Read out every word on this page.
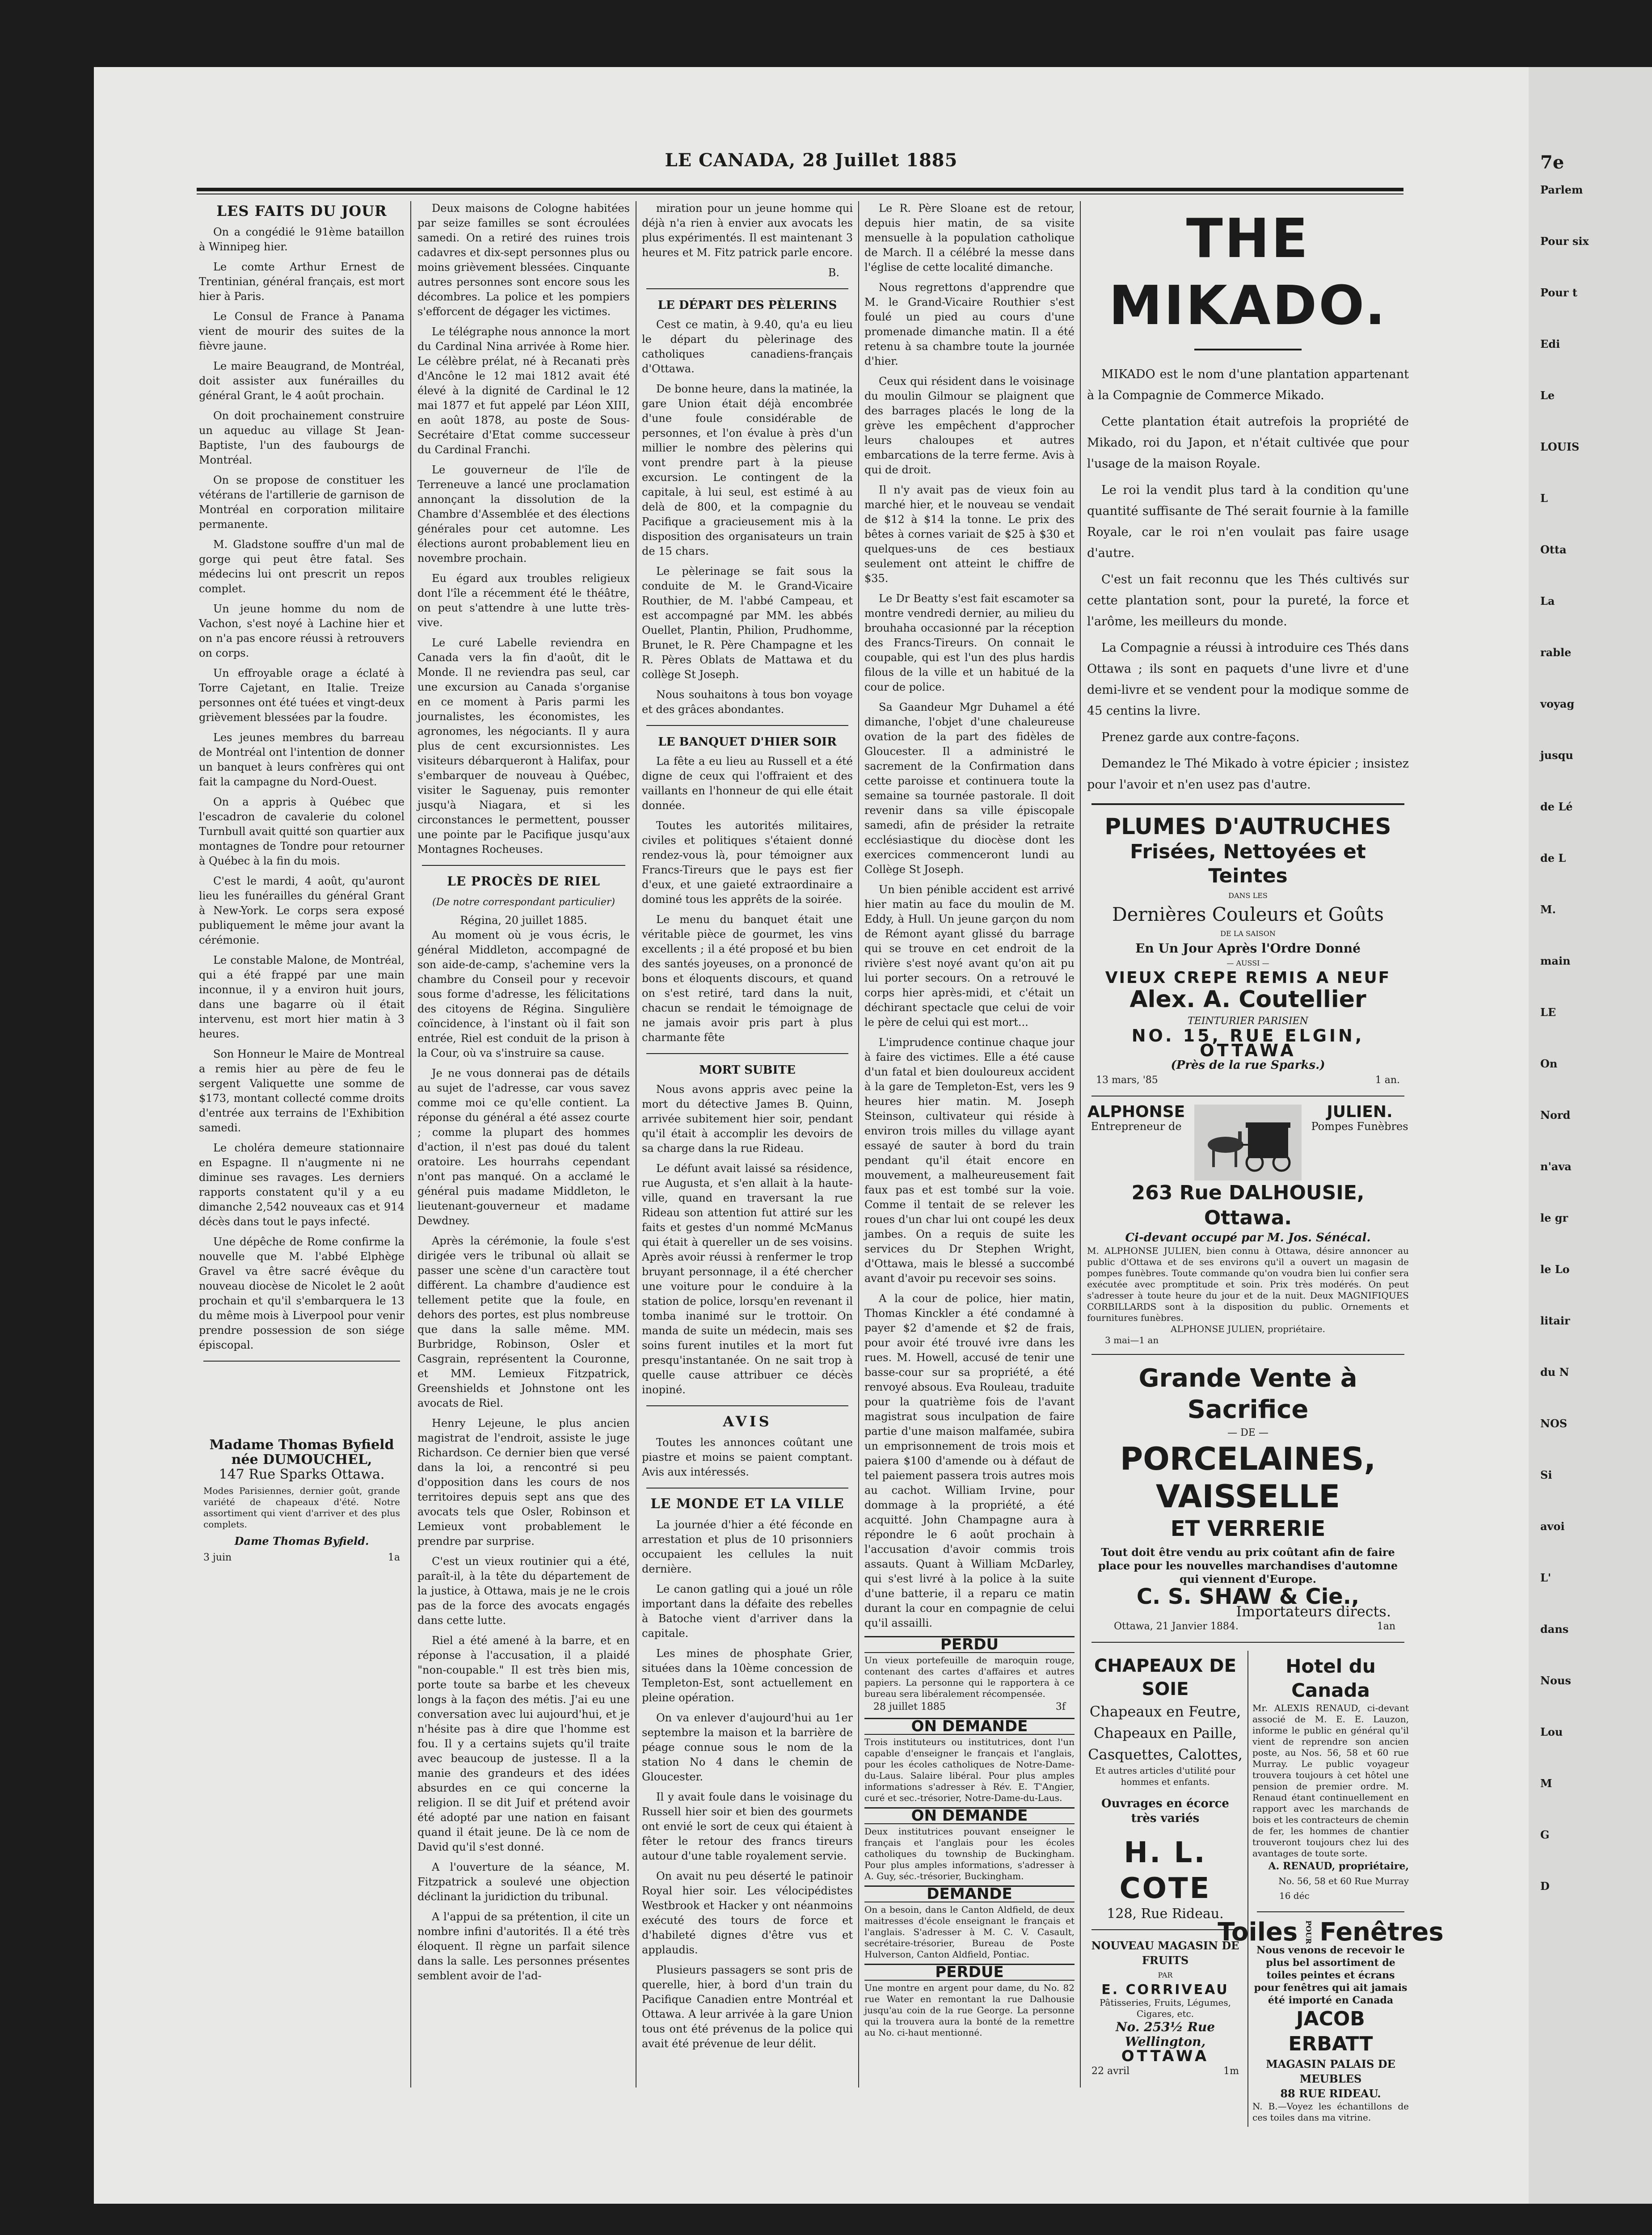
LE CANADA, 28 Juillet 1885
LES FAITS DU JOUR

On a congédié le 91ème bataillon à Winnipeg hier.

Le comte Arthur Ernest de Trentinian, général français, est mort hier à Paris.

Le Consul de France à Panama vient de mourir des suites de la fièvre jaune.

Le maire Beaugrand, de Montréal, doit assister aux funérailles du général Grant, le 4 août prochain.

On doit prochainement construire un aqueduc au village St Jean-Baptiste, l'un des faubourgs de Montréal.

On se propose de constituer les vétérans de l'artillerie de garnison de Montréal en corporation militaire permanente.

M. Gladstone souffre d'un mal de gorge qui peut être fatal. Ses médecins lui ont prescrit un repos complet.

Un jeune homme du nom de Vachon, s'est noyé à Lachine hier et on n'a pas encore réussi à retrouvers on corps.

Un effroyable orage a éclaté à Torre Cajetant, en Italie. Treize personnes ont été tuées et vingt-deux grièvement blessées par la foudre.

Les jeunes membres du barreau de Montréal ont l'intention de donner un banquet à leurs confrères qui ont fait la campagne du Nord-Ouest.

On a appris à Québec que l'escadron de cavalerie du colonel Turnbull avait quitté son quartier aux montagnes de Tondre pour retourner à Québec à la fin du mois.

C'est le mardi, 4 août, qu'auront lieu les funérailles du général Grant à New-York. Le corps sera exposé publiquement le même jour avant la cérémonie.

Le constable Malone, de Montréal, qui a été frappé par une main inconnue, il y a environ huit jours, dans une bagarre où il était intervenu, est mort hier matin à 3 heures.

Son Honneur le Maire de Montreal a remis hier au père de feu le sergent Valiquette une somme de $173, montant collecté comme droits d'entrée aux terrains de l'Exhibition samedi.

Le choléra demeure stationnaire en Espagne. Il n'augmente ni ne diminue ses ravages. Les derniers rapports constatent qu'il y a eu dimanche 2,542 nouveaux cas et 914 décès dans tout le pays infecté.

Une dépêche de Rome confirme la nouvelle que M. l'abbé Elphège Gravel va être sacré évêque du nouveau diocèse de Nicolet le 2 août prochain et qu'il s'embarquera le 13 du même mois à Liverpool pour venir prendre possession de son siége épiscopal.

Madame Thomas Byfield
née DUMOUCHEL,
147 Rue Sparks Ottawa.
Modes Parisiennes, dernier goût, grande variété de chapeaux d'été. Notre assortiment qui vient d'arriver et des plus complets.
Dame Thomas Byfield.
3 juin	1a

Deux maisons de Cologne habitées par seize familles se sont écroulées samedi. On a retiré des ruines trois cadavres et dix-sept personnes plus ou moins grièvement blessées. Cinquante autres personnes sont encore sous les décombres. La police et les pompiers s'efforcent de dégager les victimes.

Le télégraphe nous annonce la mort du Cardinal Nina arrivée à Rome hier. Le célèbre prélat, né à Recanati près d'Ancône le 12 mai 1812 avait été élevé à la dignité de Cardinal le 12 mai 1877 et fut appelé par Léon XIII, en août 1878, au poste de Sous-Secrétaire d'Etat comme successeur du Cardinal Franchi.

Le gouverneur de l'île de Terreneuve a lancé une proclamation annonçant la dissolution de la Chambre d'Assemblée et des élections générales pour cet automne. Les élections auront probablement lieu en novembre prochain.

Eu égard aux troubles religieux dont l'île a récemment été le théâtre, on peut s'attendre à une lutte très-vive.

Le curé Labelle reviendra en Canada vers la fin d'août, dit le Monde. Il ne reviendra pas seul, car une excursion au Canada s'organise en ce moment à Paris parmi les journalistes, les économistes, les agronomes, les négociants. Il y aura plus de cent excursionnistes. Les visiteurs débarqueront à Halifax, pour s'embarquer de nouveau à Québec, visiter le Saguenay, puis remonter jusqu'à Niagara, et si les circonstances le permettent, pousser une pointe par le Pacifique jusqu'aux Montagnes Rocheuses.

LE PROCÈS DE RIEL
(De notre correspondant particulier)
Régina, 20 juillet 1885.

Au moment où je vous écris, le général Middleton, accompagné de son aide-de-camp, s'achemine vers la chambre du Conseil pour y recevoir sous forme d'adresse, les félicitations des citoyens de Régina. Singulière coïncidence, à l'instant où il fait son entrée, Riel est conduit de la prison à la Cour, où va s'instruire sa cause.

Je ne vous donnerai pas de détails au sujet de l'adresse, car vous savez comme moi ce qu'elle contient. La réponse du général a été assez courte ; comme la plupart des hommes d'action, il n'est pas doué du talent oratoire. Les hourrahs cependant n'ont pas manqué. On a acclamé le général puis madame Middleton, le lieutenant-gouverneur et madame Dewdney.

Après la cérémonie, la foule s'est dirigée vers le tribunal où allait se passer une scène d'un caractère tout différent. La chambre d'audience est tellement petite que la foule, en dehors des portes, est plus nombreuse que dans la salle même. MM. Burbridge, Robinson, Osler et Casgrain, représentent la Couronne, et MM. Lemieux Fitzpatrick, Greenshields et Johnstone ont les avocats de Riel.

Henry Lejeune, le plus ancien magistrat de l'endroit, assiste le juge Richardson. Ce dernier bien que versé dans la loi, a rencontré si peu d'opposition dans les cours de nos territoires depuis sept ans que des avocats tels que Osler, Robinson et Lemieux vont probablement le prendre par surprise.

C'est un vieux routinier qui a été, paraît-il, à la tête du département de la justice, à Ottawa, mais je ne le crois pas de la force des avocats engagés dans cette lutte.

Riel a été amené à la barre, et en réponse à l'accusation, il a plaidé "non-coupable." Il est très bien mis, porte toute sa barbe et les cheveux longs à la façon des métis. J'ai eu une conversation avec lui aujourd'hui, et je n'hésite pas à dire que l'homme est fou. Il y a certains sujets qu'il traite avec beaucoup de justesse. Il a la manie des grandeurs et des idées absurdes en ce qui concerne la religion. Il se dit Juif et prétend avoir été adopté par une nation en faisant quand il était jeune. De là ce nom de David qu'il s'est donné.

A l'ouverture de la séance, M. Fitzpatrick a soulevé une objection déclinant la juridiction du tribunal.

A l'appui de sa prétention, il cite un nombre infini d'autorités. Il a été très éloquent. Il règne un parfait silence dans la salle. Les personnes présentes semblent avoir de l'ad-

miration pour un jeune homme qui déjà n'a rien à envier aux avocats les plus expérimentés. Il est maintenant 3 heures et M. Fitz patrick parle encore.

B.
LE DÉPART DES PÈLERINS

Cest ce matin, à 9.40, qu'a eu lieu le départ du pèlerinage des catholiques canadiens-français d'Ottawa.

De bonne heure, dans la matinée, la gare Union était déjà encombrée d'une foule considérable de personnes, et l'on évalue à près d'un millier le nombre des pèlerins qui vont prendre part à la pieuse excursion. Le contingent de la capitale, à lui seul, est estimé à au delà de 800, et la compagnie du Pacifique a gracieusement mis à la disposition des organisateurs un train de 15 chars.

Le pèlerinage se fait sous la conduite de M. le Grand-Vicaire Routhier, de M. l'abbé Campeau, et est accompagné par MM. les abbés Ouellet, Plantin, Philion, Prudhomme, Brunet, le R. Père Champagne et les R. Pères Oblats de Mattawa et du collège St Joseph.

Nous souhaitons à tous bon voyage et des grâces abondantes.

LE BANQUET D'HIER SOIR

La fête a eu lieu au Russell et a été digne de ceux qui l'offraient et des vaillants en l'honneur de qui elle était donnée.

Toutes les autorités militaires, civiles et politiques s'étaient donné rendez-vous là, pour témoigner aux Francs-Tireurs que le pays est fier d'eux, et une gaieté extraordinaire a dominé tous les apprêts de la soirée.

Le menu du banquet était une véritable pièce de gourmet, les vins excellents ; il a été proposé et bu bien des santés joyeuses, on a prononcé de bons et éloquents discours, et quand on s'est retiré, tard dans la nuit, chacun se rendait le témoignage de ne jamais avoir pris part à plus charmante fête

MORT SUBITE

Nous avons appris avec peine la mort du détective James B. Quinn, arrivée subitement hier soir, pendant qu'il était à accomplir les devoirs de sa charge dans la rue Rideau.

Le défunt avait laissé sa résidence, rue Augusta, et s'en allait à la haute-ville, quand en traversant la rue Rideau son attention fut attiré sur les faits et gestes d'un nommé McManus qui était à quereller un de ses voisins. Après avoir réussi à renfermer le trop bruyant personnage, il a été chercher une voiture pour le conduire à la station de police, lorsqu'en revenant il tomba inanimé sur le trottoir. On manda de suite un médecin, mais ses soins furent inutiles et la mort fut presqu'instantanée. On ne sait trop à quelle cause attribuer ce décès inopiné.

AVIS

Toutes les annonces coûtant une piastre et moins se paient comptant. Avis aux intéressés.

LE MONDE ET LA VILLE

La journée d'hier a été féconde en arrestation et plus de 10 prisonniers occupaient les cellules la nuit dernière.

Le canon gatling qui a joué un rôle important dans la défaite des rebelles à Batoche vient d'arriver dans la capitale.

Les mines de phosphate Grier, situées dans la 10ème concession de Templeton-Est, sont actuellement en pleine opération.

On va enlever d'aujourd'hui au 1er septembre la maison et la barrière de péage connue sous le nom de la station No 4 dans le chemin de Gloucester.

Il y avait foule dans le voisinage du Russell hier soir et bien des gourmets ont envié le sort de ceux qui étaient à fêter le retour des francs tireurs autour d'une table royalement servie.

On avait nu peu déserté le patinoir Royal hier soir. Les vélocipédistes Westbrook et Hacker y ont néanmoins exécuté des tours de force et d'habileté dignes d'être vus et applaudis.

Plusieurs passagers se sont pris de querelle, hier, à bord d'un train du Pacifique Canadien entre Montréal et Ottawa. A leur arrivée à la gare Union tous ont été prévenus de la police qui avait été prévenue de leur délit.

Le R. Père Sloane est de retour, depuis hier matin, de sa visite mensuelle à la population catholique de March. Il a célébré la messe dans l'église de cette localité dimanche.

Nous regrettons d'apprendre que M. le Grand-Vicaire Routhier s'est foulé un pied au cours d'une promenade dimanche matin. Il a été retenu à sa chambre toute la journée d'hier.

Ceux qui résident dans le voisinage du moulin Gilmour se plaignent que des barrages placés le long de la grève les empêchent d'approcher leurs chaloupes et autres embarcations de la terre ferme. Avis à qui de droit.

Il n'y avait pas de vieux foin au marché hier, et le nouveau se vendait de $12 à $14 la tonne. Le prix des bêtes à cornes variait de $25 à $30 et quelques-uns de ces bestiaux seulement ont atteint le chiffre de $35.

Le Dr Beatty s'est fait escamoter sa montre vendredi dernier, au milieu du brouhaha occasionné par la réception des Francs-Tireurs. On connait le coupable, qui est l'un des plus hardis filous de la ville et un habitué de la cour de police.

Sa Gaandeur Mgr Duhamel a été dimanche, l'objet d'une chaleureuse ovation de la part des fidèles de Gloucester. Il a administré le sacrement de la Confirmation dans cette paroisse et continuera toute la semaine sa tournée pastorale. Il doit revenir dans sa ville épiscopale samedi, afin de présider la retraite ecclésiastique du diocèse dont les exercices commenceront lundi au Collège St Joseph.

Un bien pénible accident est arrivé hier matin au face du moulin de M. Eddy, à Hull. Un jeune garçon du nom de Rémont ayant glissé du barrage qui se trouve en cet endroit de la rivière s'est noyé avant qu'on ait pu lui porter secours. On a retrouvé le corps hier après-midi, et c'était un déchirant spectacle que celui de voir le père de celui qui est mort...

L'imprudence continue chaque jour à faire des victimes. Elle a été cause d'un fatal et bien douloureux accident à la gare de Templeton-Est, vers les 9 heures hier matin. M. Joseph Steinson, cultivateur qui réside à environ trois milles du village ayant essayé de sauter à bord du train pendant qu'il était encore en mouvement, a malheureusement fait faux pas et est tombé sur la voie. Comme il tentait de se relever les roues d'un char lui ont coupé les deux jambes. On a requis de suite les services du Dr Stephen Wright, d'Ottawa, mais le blessé a succombé avant d'avoir pu recevoir ses soins.

A la cour de police, hier matin, Thomas Kinckler a été condamné à payer $2 d'amende et $2 de frais, pour avoir été trouvé ivre dans les rues. M. Howell, accusé de tenir une basse-cour sur sa propriété, a été renvoyé absous. Eva Rouleau, traduite pour la quatrième fois de l'avant magistrat sous inculpation de faire partie d'une maison malfamée, subira un emprisonnement de trois mois et paiera $100 d'amende ou à défaut de tel paiement passera trois autres mois au cachot. William Irvine, pour dommage à la propriété, a été acquitté. John Champagne aura à répondre le 6 août prochain à l'accusation d'avoir commis trois assauts. Quant à William McDarley, qui s'est livré à la police à la suite d'une batterie, il a reparu ce matin durant la cour en compagnie de celui qu'il assailli.

PERDU
Un vieux portefeuille de maroquin rouge, contenant des cartes d'affaires et autres papiers. La personne qui le rapportera à ce bureau sera libéralement récompensée.
28 juillet 1885	3f
ON DEMANDE
Trois instituteurs ou institutrices, dont l'un capable d'enseigner le français et l'anglais, pour les écoles catholiques de Notre-Dame-du-Laus. Salaire libéral. Pour plus amples informations s'adresser à Rév. E. T'Angier, curé et sec.-trésorier, Notre-Dame-du-Laus.
ON DEMANDE
Deux institutrices pouvant enseigner le français et l'anglais pour les écoles catholiques du township de Buckingham. Pour plus amples informations, s'adresser à A. Guy, séc.-trésorier, Buckingham.
DEMANDE
On a besoin, dans le Canton Aldfield, de deux maitresses d'école enseignant le français et l'anglais. S'adresser à M. C. V. Casault, secrétaire-trésorier, Bureau de Poste Hulverson, Canton Aldfield, Pontiac.
PERDUE
Une montre en argent pour dame, du No. 82 rue Water en remontant la rue Dalhousie jusqu'au coin de la rue George. La personne qui la trouvera aura la bonté de la remettre au No. ci-haut mentionné.
THE MIKADO.

MIKADO est le nom d'une plantation appartenant à la Compagnie de Commerce Mikado.

Cette plantation était autrefois la propriété de Mikado, roi du Japon, et n'était cultivée que pour l'usage de la maison Royale.

Le roi la vendit plus tard à la condition qu'une quantité suffisante de Thé serait fournie à la famille Royale, car le roi n'en voulait pas faire usage d'autre.

C'est un fait reconnu que les Thés cultivés sur cette plantation sont, pour la pureté, la force et l'arôme, les meilleurs du monde.

La Compagnie a réussi à introduire ces Thés dans Ottawa ; ils sont en paquets d'une livre et d'une demi-livre et se vendent pour la modique somme de 45 centins la livre.

Prenez garde aux contre-façons.

Demandez le Thé Mikado à votre épicier ; insistez pour l'avoir et n'en usez pas d'autre.

PLUMES D'AUTRUCHES
Frisées, Nettoyées et Teintes
DANS LES
Dernières Couleurs et Goûts
DE LA SAISON
En Un Jour Après l'Ordre Donné
— AUSSI —
VIEUX CREPE REMIS A NEUF
Alex. A. Coutellier
TEINTURIER PARISIEN
NO. 15, RUE ELGIN, OTTAWA
(Près de la rue Sparks.)
13 mars, '85	1 an.
ALPHONSE
Entrepreneur de
JULIEN.
Pompes Funèbres
263 Rue DALHOUSIE, Ottawa.
Ci-devant occupé par M. Jos. Sénécal.
M. ALPHONSE JULIEN, bien connu à Ottawa, désire annoncer au public d'Ottawa et de ses environs qu'il a ouvert un magasin de pompes funèbres. Toute commande qu'on voudra bien lui confier sera exécutée avec promptitude et soin. Prix très modérés. On peut s'adresser à toute heure du jour et de la nuit. Deux MAGNIFIQUES CORBILLARDS sont à la disposition du public. Ornements et fournitures funèbres.
ALPHONSE JULIEN, propriétaire.
3 mai—1 an
Grande Vente à Sacrifice
— DE —
PORCELAINES, VAISSELLE
ET VERRERIE
Tout doit être vendu au prix coûtant afin de faire place pour les nouvelles marchandises d'automne qui viennent d'Europe.
C. S. SHAW & Cie.,
Importateurs directs.
Ottawa, 21 Janvier 1884.	1an
CHAPEAUX DE SOIE
Chapeaux en Feutre,
Chapeaux en Paille,
Casquettes, Calottes,
Et autres articles d'utilité pour hommes et enfants.
Ouvrages en écorce très variés
H. L. COTE
128, Rue Rideau.
NOUVEAU MAGASIN DE FRUITS
PAR
E. CORRIVEAU
Pâtisseries, Fruits, Légumes, Cigares, etc.
No. 253½ Rue Wellington,
OTTAWA
22 avril	1m
Hotel du Canada
Mr. ALEXIS RENAUD, ci-devant associé de M. E. E. Lauzon, informe le public en général qu'il vient de reprendre son ancien poste, au Nos. 56, 58 et 60 rue Murray. Le public voyageur trouvera toujours à cet hôtel une pension de premier ordre. M. Renaud étant continuellement en rapport avec les marchands de bois et les contracteurs de chemin de fer, les hommes de chantier trouveront toujours chez lui des avantages de toute sorte.
A. RENAUD, propriétaire,
No. 56, 58 et 60 Rue Murray
16 déc
Toiles POUR Fenêtres
Nous venons de recevoir le plus bel assortiment de toiles peintes et écrans pour fenêtres qui ait jamais été importé en Canada
JACOB ERBATT
MAGASIN PALAIS DE MEUBLES
88 RUE RIDEAU.
N. B.—Voyez les échantillons de ces toiles dans ma vitrine.
7e
Parlem
Pour six
Pour t
Edi
Le
LOUIS
L
Otta
La
rable
voyag
jusqu
de Lé
de L
M.
main
LE
On
Nord
n'ava
le gr
le Lo
litair
du N
NOS
Si
avoi
L'
dans
Nous
Lou
M
G
D
